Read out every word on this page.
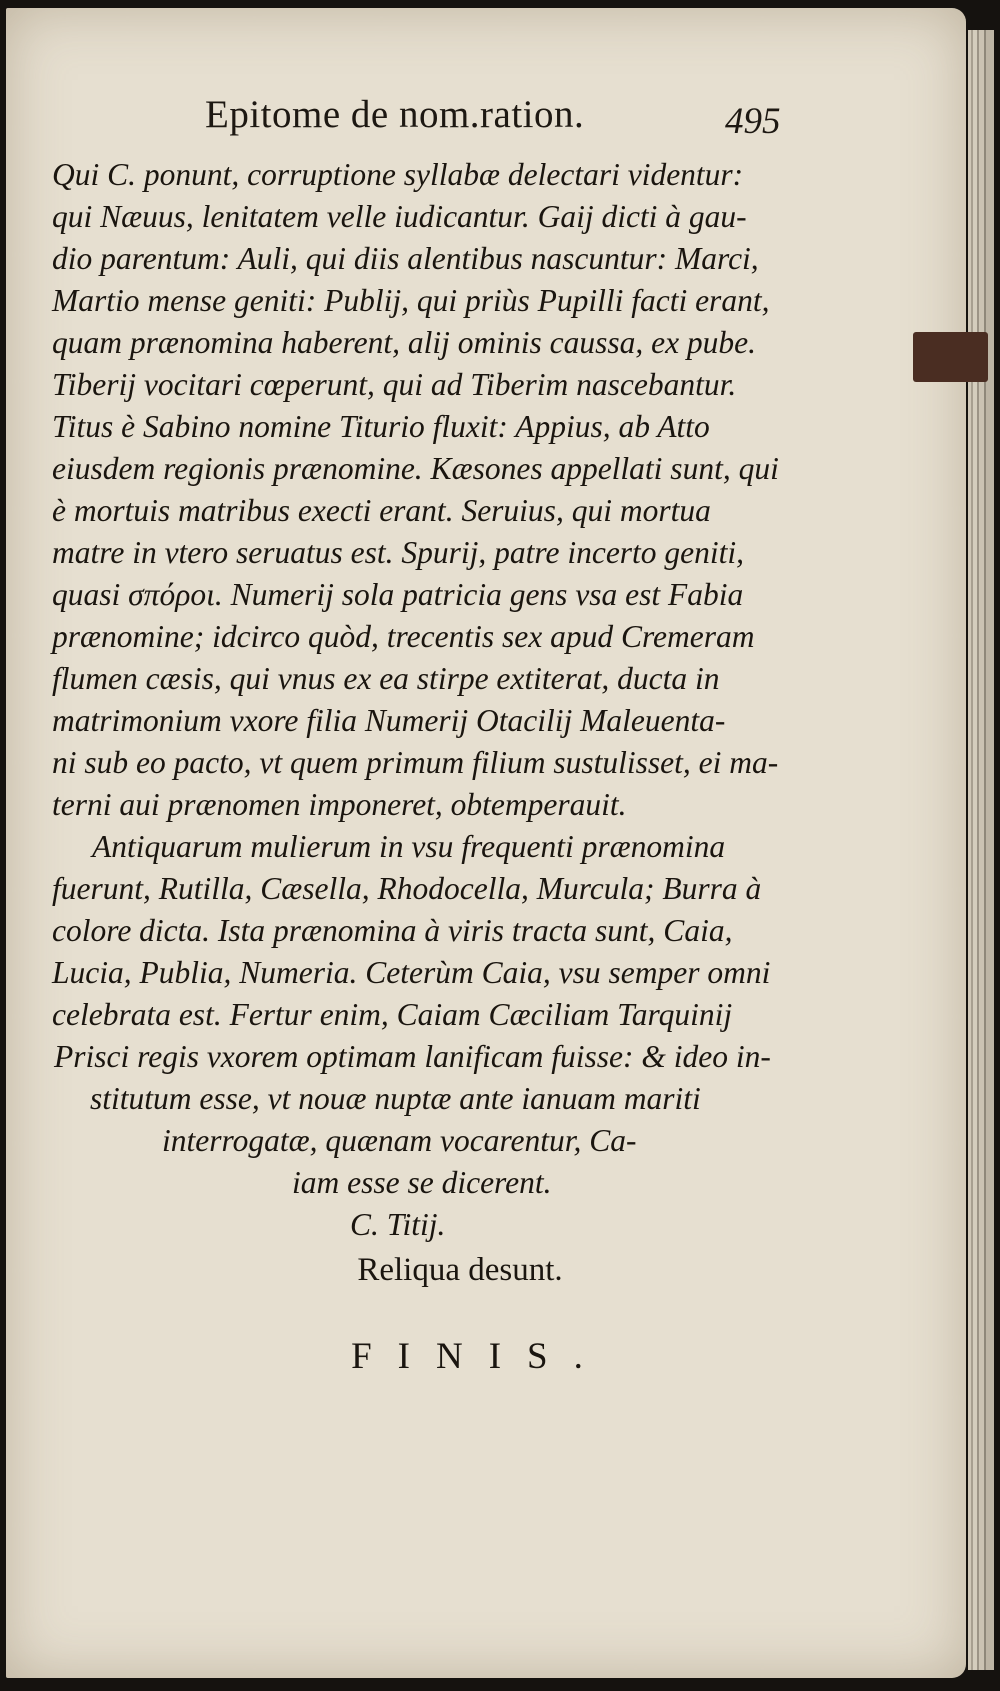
Epitome de nom.ration.	495
Qui C. ponunt, corruptione syllabæ delectari videntur:
qui Næuus, lenitatem velle iudicantur. Gaij dicti à gau-
dio parentum: Auli, qui diis alentibus nascuntur: Marci,
Martio mense geniti: Publij, qui priùs Pupilli facti erant,
quam prænomina haberent, alij ominis caussa, ex pube.
Tiberij vocitari cœperunt, qui ad Tiberim nascebantur.
Titus è Sabino nomine Titurio fluxit: Appius, ab Atto
eiusdem regionis prænomine. Kæsones appellati sunt, qui
è mortuis matribus execti erant. Seruius, qui mortua
matre in vtero seruatus est. Spurij, patre incerto geniti,
quasi σπόρoι. Numerij sola patricia gens vsa est Fabia
prænomine; idcirco quòd, trecentis sex apud Cremeram
flumen cæsis, qui vnus ex ea stirpe extiterat, ducta in
matrimonium vxore filia Numerij Otacilij Maleuenta-
ni sub eo pacto, vt quem primum filium sustulisset, ei ma-
terni aui prænomen imponeret, obtemperauit.
Antiquarum mulierum in vsu frequenti prænomina
fuerunt, Rutilla, Cæsella, Rhodocella, Murcula; Burra à
colore dicta. Ista prænomina à viris tracta sunt, Caia,
Lucia, Publia, Numeria. Ceterùm Caia, vsu semper omni
celebrata est. Fertur enim, Caiam Cæciliam Tarquinij
Prisci regis vxorem optimam lanificam fuisse: & ideo in-
stitutum esse, vt nouæ nuptæ ante ianuam mariti
interrogatæ, quænam vocarentur, Ca-
iam esse se dicerent.
C. Titij.
Reliqua desunt.
FINIS.
